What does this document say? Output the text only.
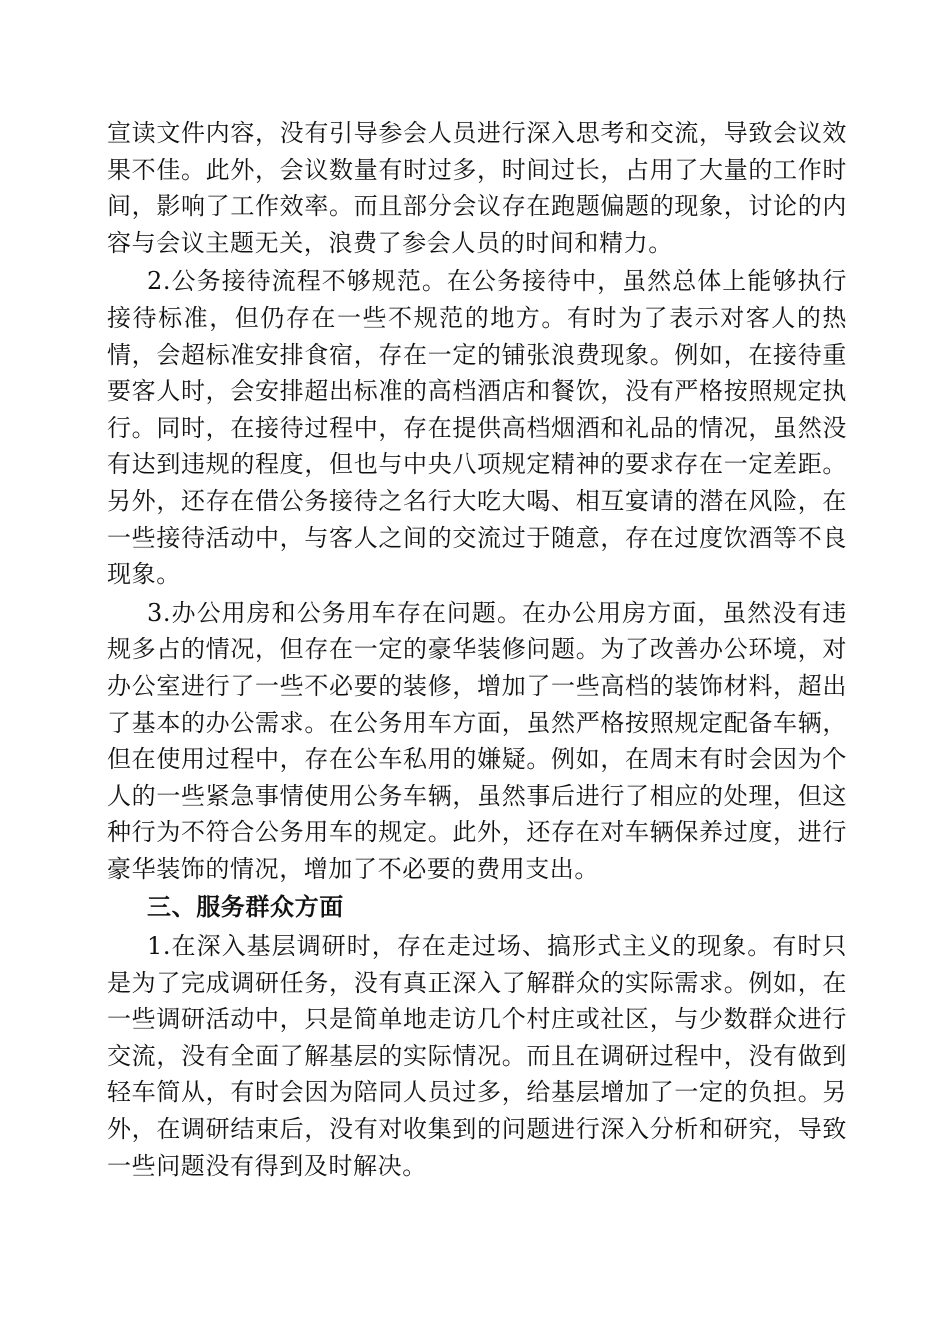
宣读文件内容，没有引导参会人员进行深入思考和交流，导致会议效果不佳。此外，会议数量有时过多，时间过长，占用了大量的工作时间，影响了工作效率。而且部分会议存在跑题偏题的现象，讨论的内容与会议主题无关，浪费了参会人员的时间和精力。

2.公务接待流程不够规范。在公务接待中，虽然总体上能够执行接待标准，但仍存在一些不规范的地方。有时为了表示对客人的热情，会超标准安排食宿，存在一定的铺张浪费现象。例如，在接待重要客人时，会安排超出标准的高档酒店和餐饮，没有严格按照规定执行。同时，在接待过程中，存在提供高档烟酒和礼品的情况，虽然没有达到违规的程度，但也与中央八项规定精神的要求存在一定差距。另外，还存在借公务接待之名行大吃大喝、相互宴请的潜在风险，在一些接待活动中，与客人之间的交流过于随意，存在过度饮酒等不良现象。

3.办公用房和公务用车存在问题。在办公用房方面，虽然没有违规多占的情况，但存在一定的豪华装修问题。为了改善办公环境，对办公室进行了一些不必要的装修，增加了一些高档的装饰材料，超出了基本的办公需求。在公务用车方面，虽然严格按照规定配备车辆，但在使用过程中，存在公车私用的嫌疑。例如，在周末有时会因为个人的一些紧急事情使用公务车辆，虽然事后进行了相应的处理，但这种行为不符合公务用车的规定。此外，还存在对车辆保养过度，进行豪华装饰的情况，增加了不必要的费用支出。

三、服务群众方面

1.在深入基层调研时，存在走过场、搞形式主义的现象。有时只是为了完成调研任务，没有真正深入了解群众的实际需求。例如，在一些调研活动中，只是简单地走访几个村庄或社区，与少数群众进行交流，没有全面了解基层的实际情况。而且在调研过程中，没有做到轻车简从，有时会因为陪同人员过多，给基层增加了一定的负担。另外，在调研结束后，没有对收集到的问题进行深入分析和研究，导致一些问题没有得到及时解决。
